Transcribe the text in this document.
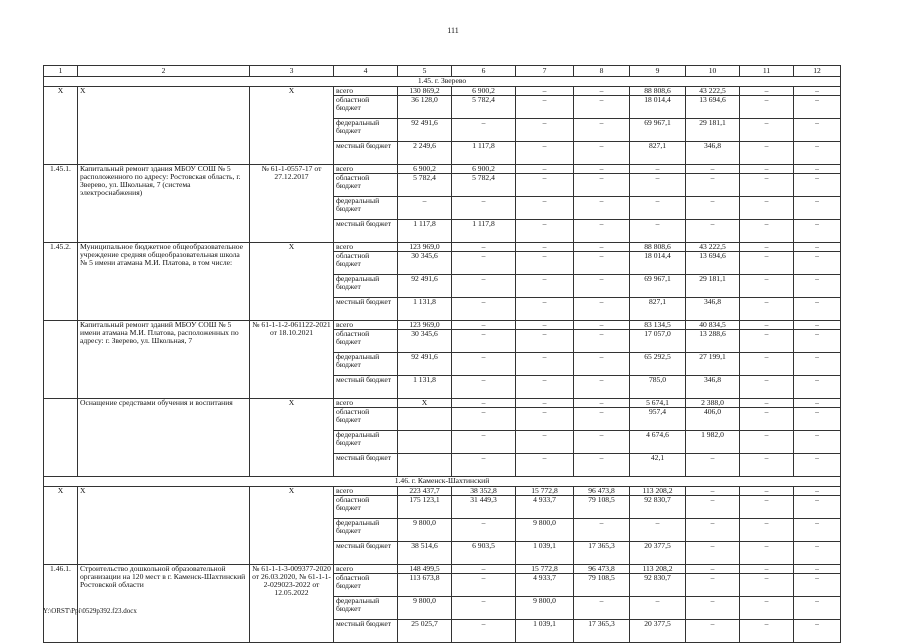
111
1	2	3	4	5	6	7	8	9	10	11	12
1.45. г. Зверево											
X	X	X	всего	130 869,2	6 900,2	–	–	88 808,6	43 222,5	–	–
			областной бюджет	36 128,0	5 782,4	–	–	18 014,4	13 694,6	–	–
			федеральный бюджет	92 491,6	–	–	–	69 967,1	29 181,1	–	–
			местный бюджет	2 249,6	1 117,8	–	–	827,1	346,8	–	–
1.45.1.	Капитальный ремонт здания МБОУ СОШ № 5 расположенного по адресу: Ростовская область, г. Зверево, ул. Школьная, 7 (система электроснабжения)	№ 61-1-0557-17 от 27.12.2017	всего	6 900,2	6 900,2	–	–	–	–	–	–
			областной бюджет	5 782,4	5 782,4	–	–	–	–	–	–
			федеральный бюджет	–	–	–	–	–	–	–	–
			местный бюджет	1 117,8	1 117,8	–	–	–	–	–	–
1.45.2.	Муниципальное бюджетное общеобразовательное учреждение средняя общеобразовательная школа № 5 имени атамана М.И. Платова, в том числе:	X	всего	123 969,0	–	–	–	88 808,6	43 222,5	–	–
			областной бюджет	30 345,6	–	–	–	18 014,4	13 694,6	–	–
			федеральный бюджет	92 491,6	–	–	–	69 967,1	29 181,1	–	–
			местный бюджет	1 131,8	–	–	–	827,1	346,8	–	–
	Капитальный ремонт зданий МБОУ СОШ № 5 имени атамана М.И. Платова, расположенных по адресу: г. Зверево, ул. Школьная, 7	№ 61-1-1-2-061122-2021 от 18.10.2021	всего	123 969,0	–	–	–	83 134,5	40 834,5	–	–
			областной бюджет	30 345,6	–	–	–	17 057,0	13 288,6	–	–
			федеральный бюджет	92 491,6	–	–	–	65 292,5	27 199,1	–	–
			местный бюджет	1 131,8	–	–	–	785,0	346,8	–	–
	Оснащение средствами обучения и воспитания	X	всего	X	–	–	–	5 674,1	2 388,0	–	–
			областной бюджет		–	–	–	957,4	406,0	–	–
			федеральный бюджет		–	–	–	4 674,6	1 982,0	–	–
			местный бюджет		–	–	–	42,1	–	–	–
1.46. г. Каменск-Шахтинский											
X	X	X	всего	223 437,7	38 352,8	15 772,8	96 473,8	113 208,2	–	–	–
			областной бюджет	175 123,1	31 449,3	4 933,7	79 108,5	92 830,7	–	–	–
			федеральный бюджет	9 800,0	–	9 800,0	–	–	–	–	–
			местный бюджет	38 514,6	6 903,5	1 039,1	17 365,3	20 377,5	–	–	–
1.46.1.	Строительство дошкольной образовательной организации на 120 мест в г. Каменск-Шахтинский Ростовской области	№ 61-1-1-3-009377-2020 от 26.03.2020, № 61-1-1-2-029023-2022 от 12.05.2022	всего	148 499,5	–	15 772,8	96 473,8	113 208,2	–	–	–
			областной бюджет	113 673,8	–	4 933,7	79 108,5	92 830,7	–	–	–
			федеральный бюджет	9 800,0	–	9 800,0	–	–	–	–	–
			местный бюджет	25 025,7	–	1 039,1	17 365,3	20 377,5	–	–	–
Y:\ORST\Ppi\0529p392.f23.docx
